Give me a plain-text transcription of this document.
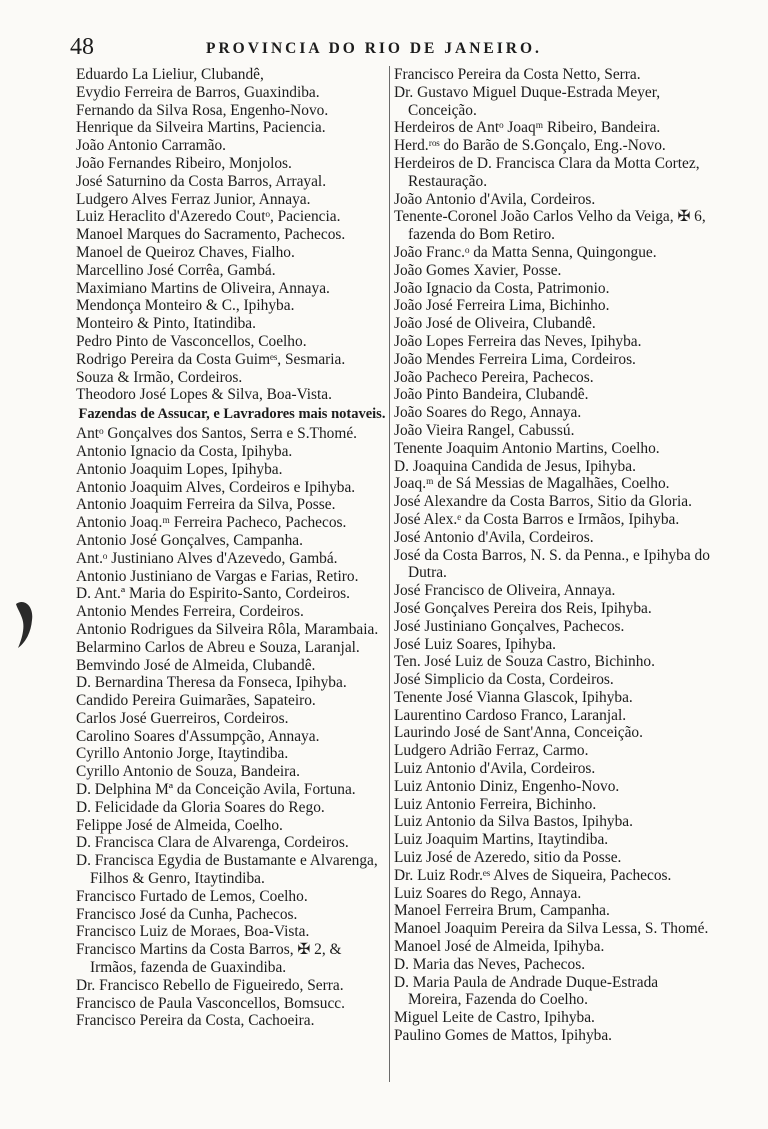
48	PROVINCIA DO RIO DE JANEIRO.

Eduardo La Lieliur, Clubandê,

Evydio Ferreira de Barros, Guaxindiba.

Fernando da Silva Rosa, Engenho-Novo.

Henrique da Silveira Martins, Paciencia.

João Antonio Carramão.

João Fernandes Ribeiro, Monjolos.

José Saturnino da Costa Barros, Arrayal.

Ludgero Alves Ferraz Junior, Annaya.

Luiz Heraclito d'Azeredo Coutᵒ, Paciencia.

Manoel Marques do Sacramento, Pachecos.

Manoel de Queiroz Chaves, Fialho.

Marcellino José Corrêa, Gambá.

Maximiano Martins de Oliveira, Annaya.

Mendonça Monteiro & C., Ipihyba.

Monteiro & Pinto, Itatindiba.

Pedro Pinto de Vasconcellos, Coelho.

Rodrigo Pereira da Costa Guimᵉˢ, Sesmaria.

Souza & Irmão, Cordeiros.

Theodoro José Lopes & Silva, Boa-Vista.

Fazendas de Assucar, e Lavradores mais notaveis.

Antᵒ Gonçalves dos Santos, Serra e S.Thomé.

Antonio Ignacio da Costa, Ipihyba.

Antonio Joaquim Lopes, Ipihyba.

Antonio Joaquim Alves, Cordeiros e Ipihyba.

Antonio Joaquim Ferreira da Silva, Posse.

Antonio Joaq.ᵐ Ferreira Pacheco, Pachecos.

Antonio José Gonçalves, Campanha.

Ant.ᵒ Justiniano Alves d'Azevedo, Gambá.

Antonio Justiniano de Vargas e Farias, Retiro.

D. Ant.ª Maria do Espirito-Santo, Cordeiros.

Antonio Mendes Ferreira, Cordeiros.

Antonio Rodrigues da Silveira Rôla, Marambaia.

Belarmino Carlos de Abreu e Souza, Laranjal.

Bemvindo José de Almeida, Clubandê.

D. Bernardina Theresa da Fonseca, Ipihyba.

Candido Pereira Guimarães, Sapateiro.

Carlos José Guerreiros, Cordeiros.

Carolino Soares d'Assumpção, Annaya.

Cyrillo Antonio Jorge, Itaytindiba.

Cyrillo Antonio de Souza, Bandeira.

D. Delphina Mª da Conceição Avila, Fortuna.

D. Felicidade da Gloria Soares do Rego.

Felippe José de Almeida, Coelho.

D. Francisca Clara de Alvarenga, Cordeiros.

D. Francisca Egydia de Bustamante e Alvarenga, Filhos & Genro, Itaytindiba.

Francisco Furtado de Lemos, Coelho.

Francisco José da Cunha, Pachecos.

Francisco Luiz de Moraes, Boa-Vista.

Francisco Martins da Costa Barros, ✠ 2, & Irmãos, fazenda de Guaxindiba.

Dr. Francisco Rebello de Figueiredo, Serra.

Francisco de Paula Vasconcellos, Bomsucc.

Francisco Pereira da Costa, Cachoeira.

Francisco Pereira da Costa Netto, Serra.

Dr. Gustavo Miguel Duque-Estrada Meyer, Conceição.

Herdeiros de Antᵒ Joaqᵐ Ribeiro, Bandeira.

Herd.ʳᵒˢ do Barão de S.Gonçalo, Eng.-Novo.

Herdeiros de D. Francisca Clara da Motta Cortez, Restauração.

João Antonio d'Avila, Cordeiros.

Tenente-Coronel João Carlos Velho da Veiga, ✠ 6, fazenda do Bom Retiro.

João Franc.ᵒ da Matta Senna, Quingongue.

João Gomes Xavier, Posse.

João Ignacio da Costa, Patrimonio.

João José Ferreira Lima, Bichinho.

João José de Oliveira, Clubandê.

João Lopes Ferreira das Neves, Ipihyba.

João Mendes Ferreira Lima, Cordeiros.

João Pacheco Pereira, Pachecos.

João Pinto Bandeira, Clubandê.

João Soares do Rego, Annaya.

João Vieira Rangel, Cabussú.

Tenente Joaquim Antonio Martins, Coelho.

D. Joaquina Candida de Jesus, Ipihyba.

Joaq.ᵐ de Sá Messias de Magalhães, Coelho.

José Alexandre da Costa Barros, Sitio da Gloria.

José Alex.ᵉ da Costa Barros e Irmãos, Ipihyba.

José Antonio d'Avila, Cordeiros.

José da Costa Barros, N. S. da Penna., e Ipihyba do Dutra.

José Francisco de Oliveira, Annaya.

José Gonçalves Pereira dos Reis, Ipihyba.

José Justiniano Gonçalves, Pachecos.

José Luiz Soares, Ipihyba.

Ten. José Luiz de Souza Castro, Bichinho.

José Simplicio da Costa, Cordeiros.

Tenente José Vianna Glascok, Ipihyba.

Laurentino Cardoso Franco, Laranjal.

Laurindo José de Sant'Anna, Conceição.

Ludgero Adrião Ferraz, Carmo.

Luiz Antonio d'Avila, Cordeiros.

Luiz Antonio Diniz, Engenho-Novo.

Luiz Antonio Ferreira, Bichinho.

Luiz Antonio da Silva Bastos, Ipihyba.

Luiz Joaquim Martins, Itaytindiba.

Luiz José de Azeredo, sitio da Posse.

Dr. Luiz Rodr.ᵉˢ Alves de Siqueira, Pachecos.

Luiz Soares do Rego, Annaya.

Manoel Ferreira Brum, Campanha.

Manoel Joaquim Pereira da Silva Lessa, S. Thomé.

Manoel José de Almeida, Ipihyba.

D. Maria das Neves, Pachecos.

D. Maria Paula de Andrade Duque-Estrada Moreira, Fazenda do Coelho.

Miguel Leite de Castro, Ipihyba.

Paulino Gomes de Mattos, Ipihyba.
